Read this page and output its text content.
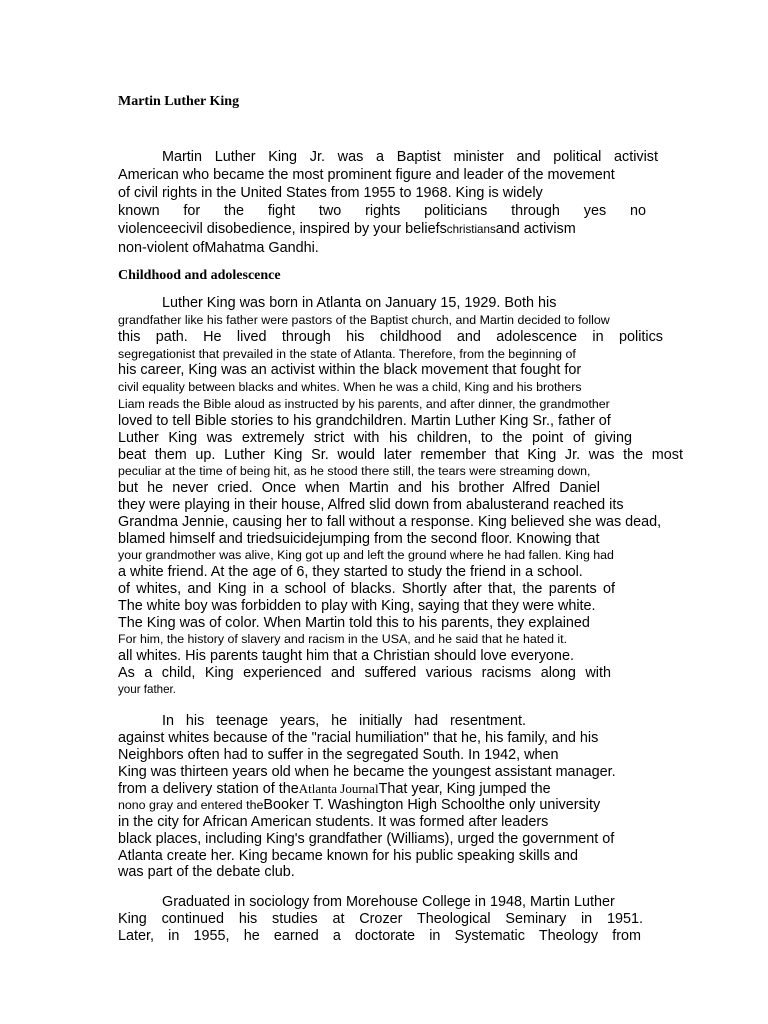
Martin Luther King

Martin Luther King Jr. was a Baptist minister and political activist

American who became the most prominent figure and leader of the movement

of civil rights in the United States from 1955 to 1968. King is widely

known for the fight two rights politicians through yes no

violenceecivil disobedience, inspired by your beliefschristiansand activism

non-violent ofMahatma Gandhi.

Childhood and adolescence

Luther King was born in Atlanta on January 15, 1929. Both his

grandfather like his father were pastors of the Baptist church, and Martin decided to follow

this path. He lived through his childhood and adolescence in politics

segregationist that prevailed in the state of Atlanta. Therefore, from the beginning of

his career, King was an activist within the black movement that fought for

civil equality between blacks and whites. When he was a child, King and his brothers

Liam reads the Bible aloud as instructed by his parents, and after dinner, the grandmother

loved to tell Bible stories to his grandchildren. Martin Luther King Sr., father of

Luther King was extremely strict with his children, to the point of giving

beat them up. Luther King Sr. would later remember that King Jr. was the most

peculiar at the time of being hit, as he stood there still, the tears were streaming down,

but he never cried. Once when Martin and his brother Alfred Daniel

they were playing in their house, Alfred slid down from abalusterand reached its

Grandma Jennie, causing her to fall without a response. King believed she was dead,

blamed himself and triedsuicidejumping from the second floor. Knowing that

your grandmother was alive, King got up and left the ground where he had fallen. King had

a white friend. At the age of 6, they started to study the friend in a school.

of whites, and King in a school of blacks. Shortly after that, the parents of

The white boy was forbidden to play with King, saying that they were white.

The King was of color. When Martin told this to his parents, they explained

For him, the history of slavery and racism in the USA, and he said that he hated it.

all whites. His parents taught him that a Christian should love everyone.

As a child, King experienced and suffered various racisms along with

your father.

In his teenage years, he initially had resentment.

against whites because of the "racial humiliation" that he, his family, and his

Neighbors often had to suffer in the segregated South. In 1942, when

King was thirteen years old when he became the youngest assistant manager.

from a delivery station of theAtlanta JournalThat year, King jumped the

nono gray and entered theBooker T. Washington High Schoolthe only university

in the city for African American students. It was formed after leaders

black places, including King's grandfather (Williams), urged the government of

Atlanta create her. King became known for his public speaking skills and

was part of the debate club.

Graduated in sociology from Morehouse College in 1948, Martin Luther

King continued his studies at Crozer Theological Seminary in 1951.

Later, in 1955, he earned a doctorate in Systematic Theology from
